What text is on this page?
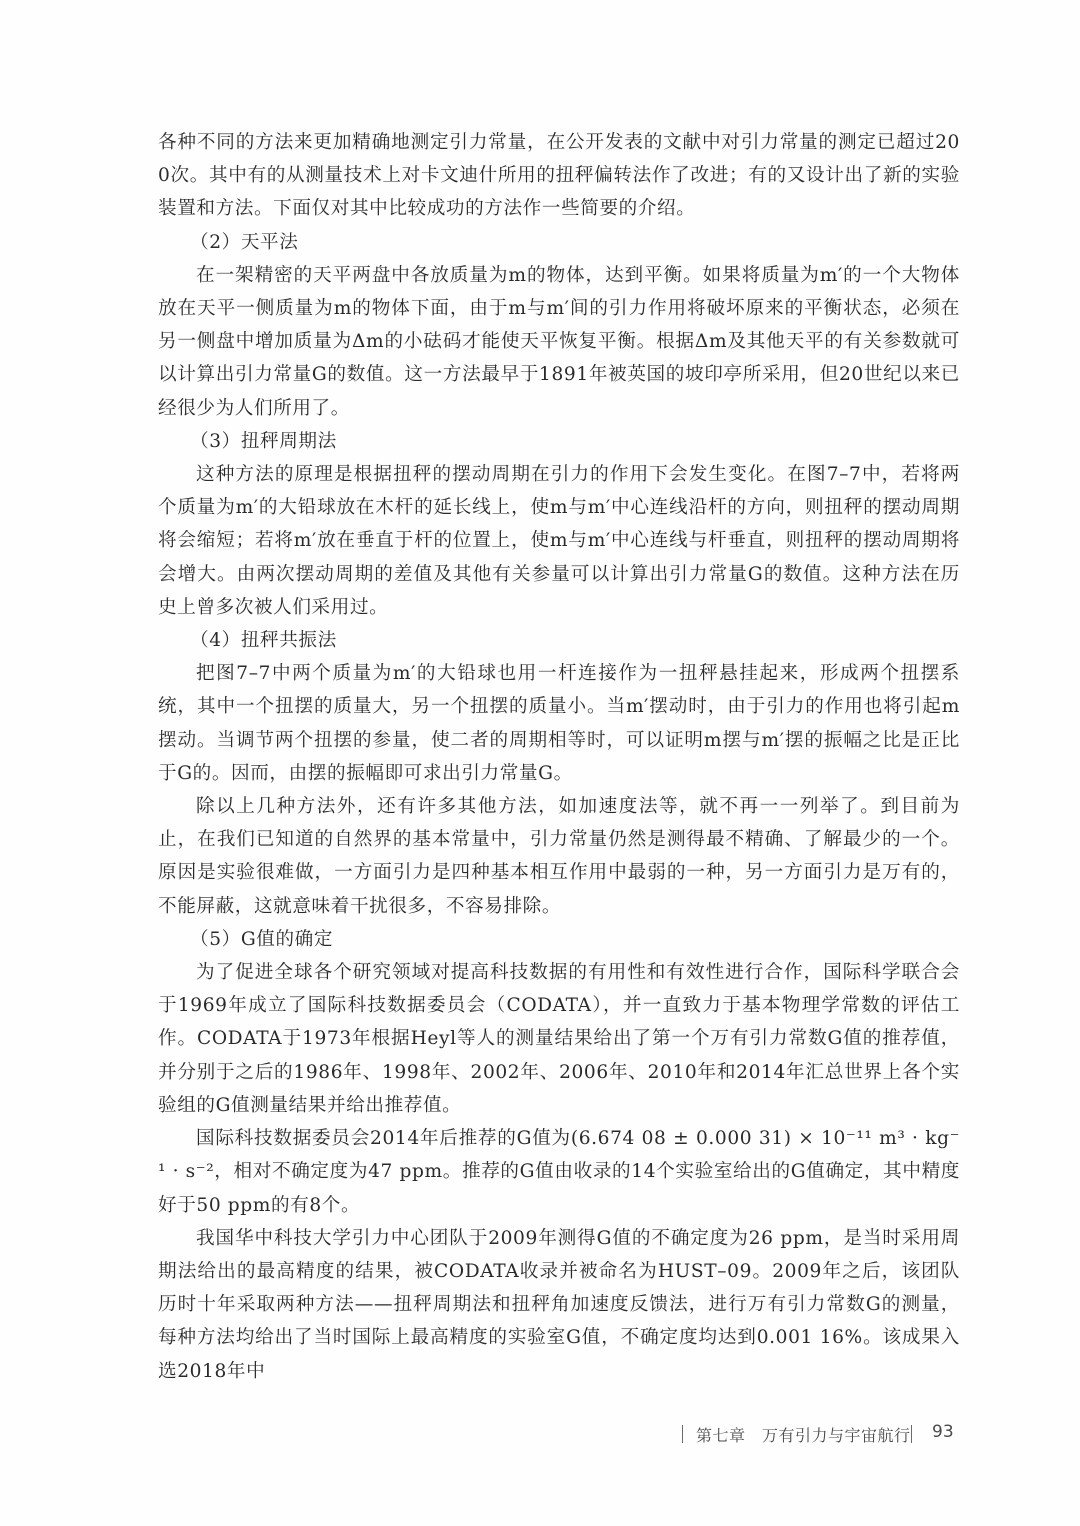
各种不同的方法来更加精确地测定引力常量，在公开发表的文献中对引力常量的测定已超过200次。其中有的从测量技术上对卡文迪什所用的扭秤偏转法作了改进；有的又设计出了新的实验装置和方法。下面仅对其中比较成功的方法作一些简要的介绍。

（2）天平法

在一架精密的天平两盘中各放质量为m的物体，达到平衡。如果将质量为m′的一个大物体放在天平一侧质量为m的物体下面，由于m与m′间的引力作用将破坏原来的平衡状态，必须在另一侧盘中增加质量为Δm的小砝码才能使天平恢复平衡。根据Δm及其他天平的有关参数就可以计算出引力常量G的数值。这一方法最早于1891年被英国的坡印亭所采用，但20世纪以来已经很少为人们所用了。

（3）扭秤周期法

这种方法的原理是根据扭秤的摆动周期在引力的作用下会发生变化。在图7–7中，若将两个质量为m′的大铅球放在木杆的延长线上，使m与m′中心连线沿杆的方向，则扭秤的摆动周期将会缩短；若将m′放在垂直于杆的位置上，使m与m′中心连线与杆垂直，则扭秤的摆动周期将会增大。由两次摆动周期的差值及其他有关参量可以计算出引力常量G的数值。这种方法在历史上曾多次被人们采用过。

（4）扭秤共振法

把图7–7中两个质量为m′的大铅球也用一杆连接作为一扭秤悬挂起来，形成两个扭摆系统，其中一个扭摆的质量大，另一个扭摆的质量小。当m′摆动时，由于引力的作用也将引起m摆动。当调节两个扭摆的参量，使二者的周期相等时，可以证明m摆与m′摆的振幅之比是正比于G的。因而，由摆的振幅即可求出引力常量G。

除以上几种方法外，还有许多其他方法，如加速度法等，就不再一一列举了。到目前为止，在我们已知道的自然界的基本常量中，引力常量仍然是测得最不精确、了解最少的一个。原因是实验很难做，一方面引力是四种基本相互作用中最弱的一种，另一方面引力是万有的，不能屏蔽，这就意味着干扰很多，不容易排除。

（5）G值的确定

为了促进全球各个研究领域对提高科技数据的有用性和有效性进行合作，国际科学联合会于1969年成立了国际科技数据委员会（CODATA），并一直致力于基本物理学常数的评估工作。CODATA于1973年根据Heyl等人的测量结果给出了第一个万有引力常数G值的推荐值，并分别于之后的1986年、1998年、2002年、2006年、2010年和2014年汇总世界上各个实验组的G值测量结果并给出推荐值。

国际科技数据委员会2014年后推荐的G值为(6.674 08 ± 0.000 31) × 10⁻¹¹ m³ · kg⁻¹ · s⁻²，相对不确定度为47 ppm。推荐的G值由收录的14个实验室给出的G值确定，其中精度好于50 ppm的有8个。

我国华中科技大学引力中心团队于2009年测得G值的不确定度为26 ppm，是当时采用周期法给出的最高精度的结果，被CODATA收录并被命名为HUST–09。2009年之后，该团队历时十年采取两种方法——扭秤周期法和扭秤角加速度反馈法，进行万有引力常数G的测量，每种方法均给出了当时国际上最高精度的实验室G值，不确定度均达到0.001 16%。该成果入选2018年中

第七章　万有引力与宇宙航行 93
